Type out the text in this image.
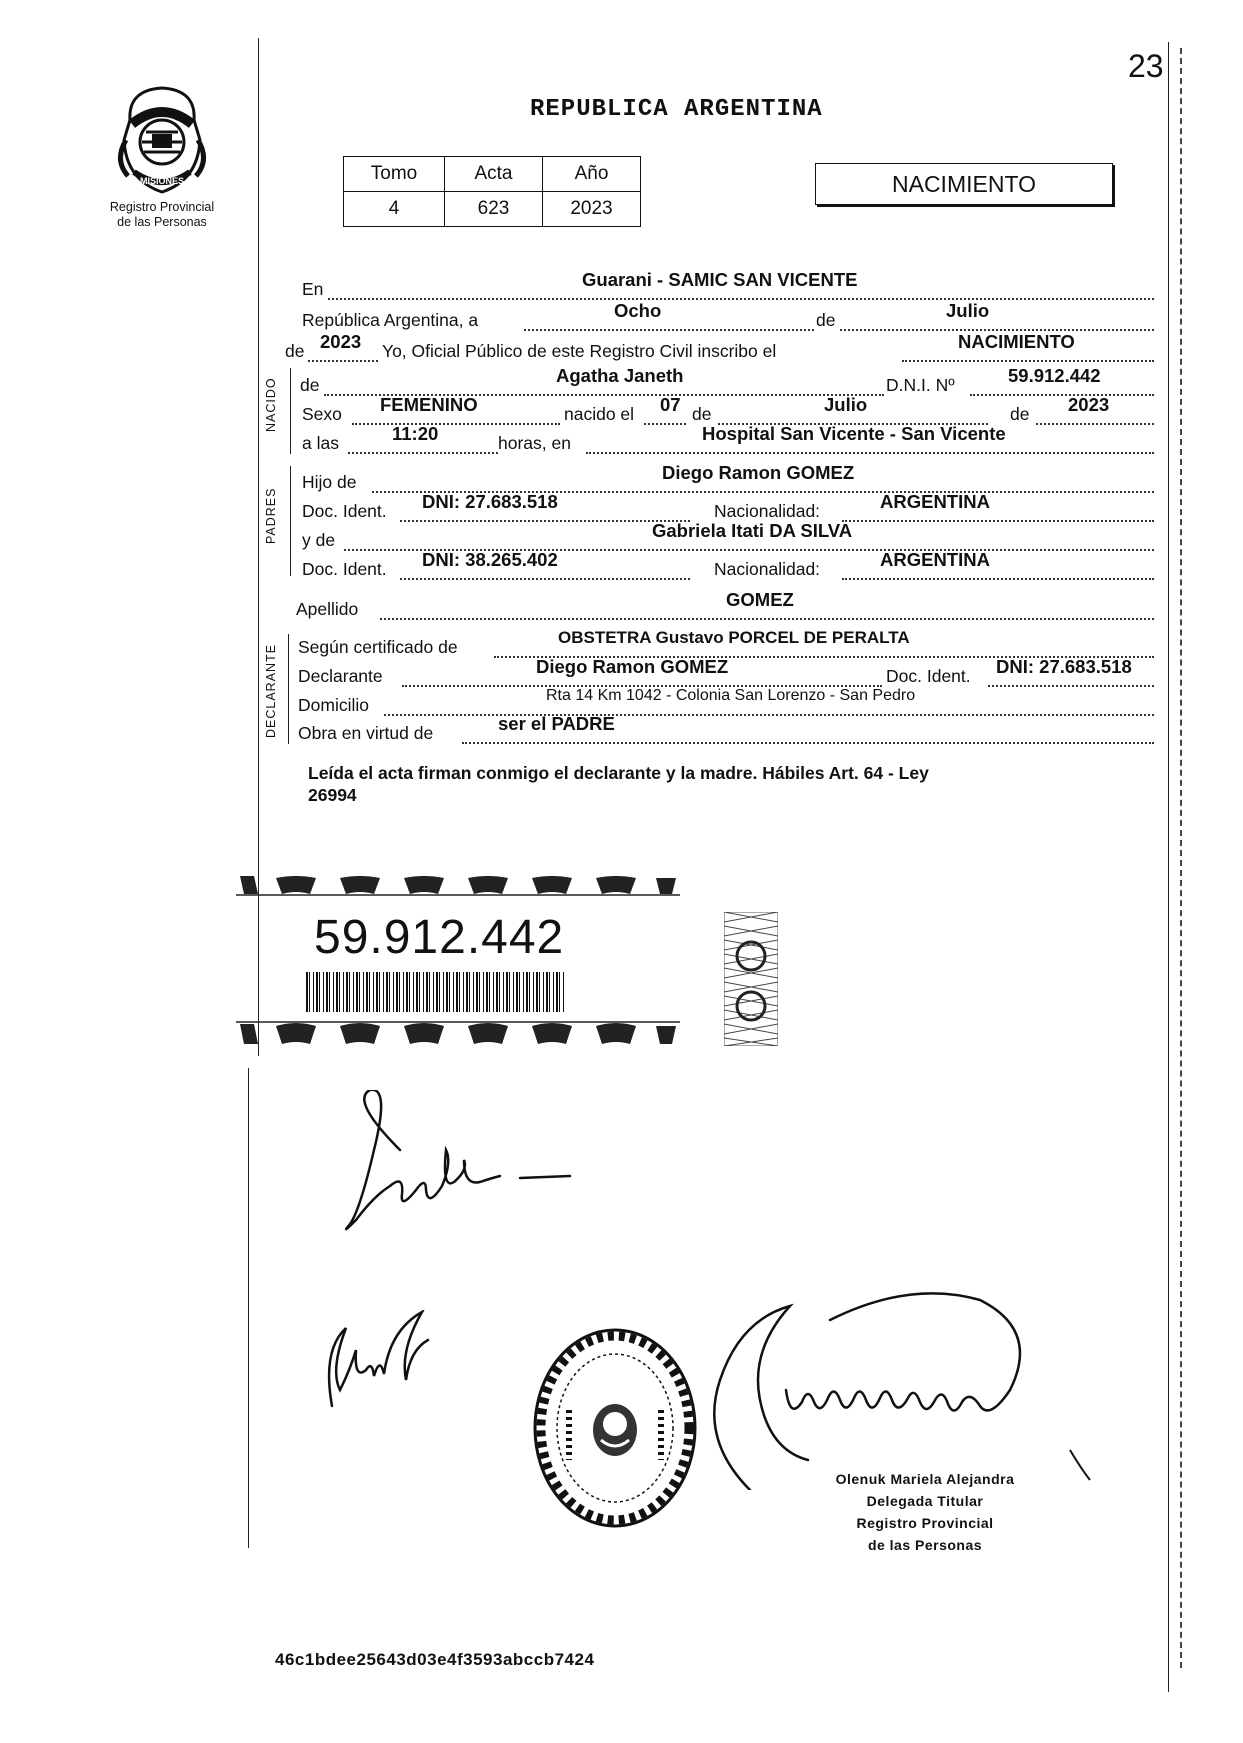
23
REPUBLICA ARGENTINA
MISIONES
Registro Provincial
de las Personas
Tomo	Acta	Año
4	623	2023
NACIMIENTO
En	Guarani - SAMIC SAN VICENTE
República Argentina, a	Ocho	de	Julio
de 2023 Yo, Oficial Público de este Registro Civil inscribo el	NACIMIENTO
NACIDO de	Agatha Janeth	D.N.I. Nº	59.912.442
Sexo FEMENINO	nacido el 07 de	Julio	de 2023
a las	11:20	horas, en	Hospital San Vicente - San Vicente
PADRES
Hijo de	Diego Ramon GOMEZ
Doc. Ident. DNI: 27.683.518	Nacionalidad:	ARGENTINA
y de	Gabriela Itati DA SILVA
Doc. Ident. DNI: 38.265.402	Nacionalidad:	ARGENTINA
Apellido	GOMEZ
DECLARANTE Según certificado de	OBSTETRA Gustavo PORCEL DE PERALTA
Declarante	Diego Ramon GOMEZ	Doc. Ident. DNI: 27.683.518
Domicilio	Rta 14 Km 1042 - Colonia San Lorenzo - San Pedro
Obra en virtud de	ser el PADRE
Leída el acta firman conmigo el declarante y la madre. Hábiles Art. 64 - Ley
26994
59.912.442
Olenuk Mariela Alejandra
Delegada Titular
Registro Provincial
de las Personas
46c1bdee25643d03e4f3593abccb7424
